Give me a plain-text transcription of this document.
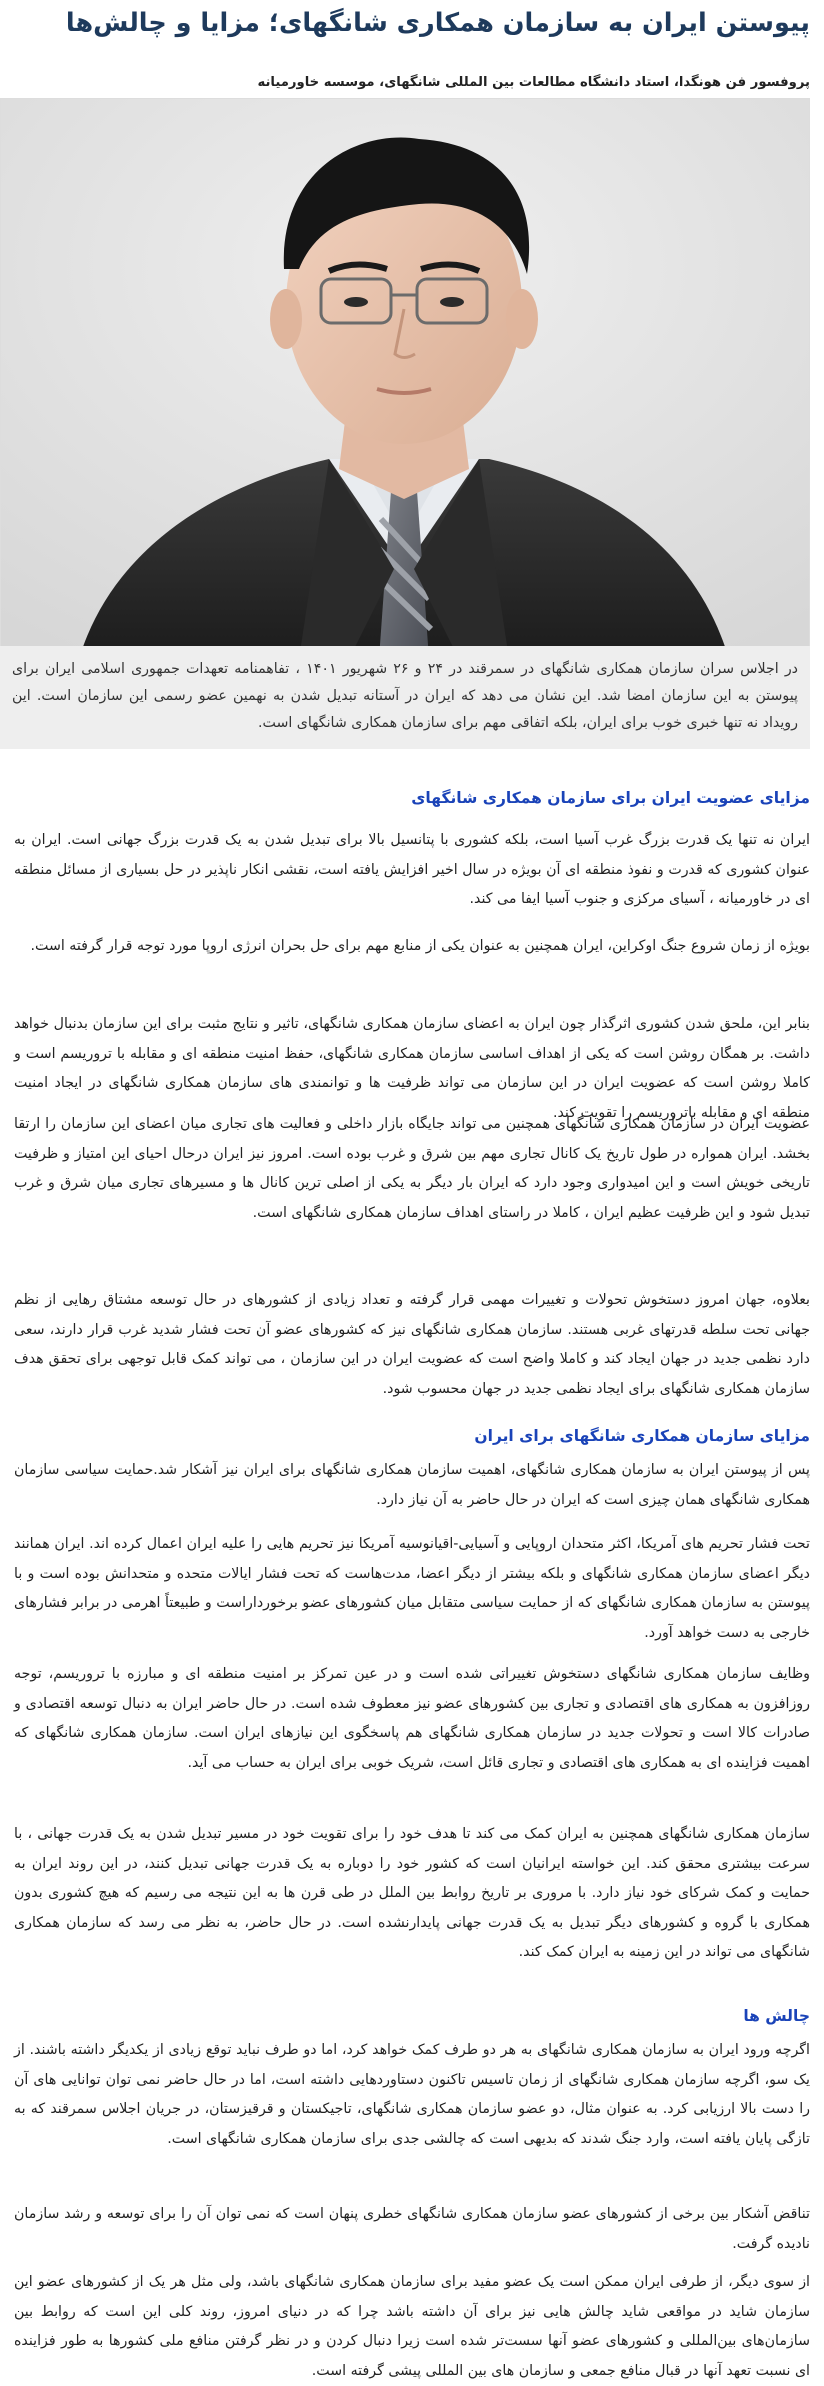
پیوستن ایران به سازمان همکاری شانگهای؛ مزایا و چالش‌ها
پروفسور فن هونگدا، استاد دانشگاه مطالعات بین المللی شانگهای، موسسه خاورمیانه
در اجلاس سران سازمان همکاری شانگهای در سمرقند در ۲۴ و ۲۶ شهریور ۱۴۰۱ ، تفاهمنامه تعهدات جمهوری اسلامی ایران برای پیوستن به این سازمان امضا شد. این نشان می دهد که ایران در آستانه تبدیل شدن به نهمین عضو رسمی این سازمان است. این رویداد نه تنها خبری خوب برای ایران، بلکه اتفاقی مهم برای سازمان همکاری شانگهای است.
مزایای عضویت ایران برای سازمان همکاری شانگهای

ایران نه تنها یک قدرت بزرگ غرب آسیا است، بلکه کشوری با پتانسیل بالا برای تبدیل شدن به یک قدرت بزرگ جهانی است. ایران به عنوان کشوری که قدرت و نفوذ منطقه ای آن بویژه در سال اخیر افزایش یافته است، نقشی انکار ناپذیر در حل بسیاری از مسائل منطقه ای در خاورمیانه ، آسیای مرکزی و جنوب آسیا ایفا می کند.

بویژه از زمان شروع جنگ اوکراین، ایران همچنین به عنوان یکی از منابع مهم برای حل بحران انرژی اروپا مورد توجه قرار گرفته است.

بنابر این، ملحق شدن کشوری اثرگذار چون ایران به اعضای سازمان همکاری شانگهای، تاثیر و نتایج مثبت برای این سازمان بدنبال خواهد داشت. بر همگان روشن است که یکی از اهداف اساسی سازمان همکاری شانگهای، حفظ امنیت منطقه ای و مقابله با تروریسم است و کاملا روشن است که عضویت ایران در این سازمان می تواند ظرفیت ها و توانمندی های سازمان همکاری شانگهای در ایجاد امنیت منطقه ای و مقابله باتروریسم را تقویت کند.

عضویت ایران در سازمان همکاری شانگهای همچنین می تواند جایگاه بازار داخلی و فعالیت های تجاری میان اعضای این سازمان را ارتقا بخشد. ایران همواره در طول تاریخ یک کانال تجاری مهم بین شرق و غرب بوده است. امروز نیز ایران درحال احیای این امتیاز و ظرفیت تاریخی خویش است و این امیدواری وجود دارد که ایران بار دیگر به یکی از اصلی ترین کانال ها و مسیرهای تجاری میان شرق و غرب تبدیل شود و این ظرفیت عظیم ایران ، کاملا در راستای اهداف سازمان همکاری شانگهای است.

بعلاوه، جهان امروز دستخوش تحولات و تغییرات مهمی قرار گرفته و تعداد زیادی از کشورهای در حال توسعه مشتاق رهایی از نظم جهانی تحت سلطه قدرتهای غربی هستند. سازمان همکاری شانگهای نیز که کشورهای عضو آن تحت فشار شدید غرب قرار دارند، سعی دارد نظمی جدید در جهان ایجاد کند و کاملا واضح است که عضویت ایران در این سازمان ، می تواند کمک قابل توجهی برای تحقق هدف سازمان همکاری شانگهای برای ایجاد نظمی جدید در جهان محسوب شود.

مزایای سازمان همکاری شانگهای برای ایران

پس از پیوستن ایران به سازمان همکاری شانگهای، اهمیت سازمان همکاری شانگهای برای ایران نیز آشکار شد.حمایت سیاسی سازمان همکاری شانگهای همان چیزی است که ایران در حال حاضر به آن نیاز دارد.

تحت فشار تحریم های آمریکا، اکثر متحدان اروپایی و آسیایی-اقیانوسیه آمریکا نیز تحریم هایی را علیه ایران اعمال کرده اند. ایران همانند دیگر اعضای سازمان همکاری شانگهای و بلکه بیشتر از دیگر اعضا، مدت‌هاست که تحت فشار ایالات متحده و متحدانش بوده است و با پیوستن به سازمان همکاری شانگهای که از حمایت سیاسی متقابل میان کشورهای عضو برخورداراست و طبیعتاً اهرمی در برابر فشارهای خارجی به دست خواهد آورد.

وظایف سازمان همکاری شانگهای دستخوش تغییراتی شده است و در عین تمرکز بر امنیت منطقه ای و مبارزه با تروریسم، توجه روزافزون به همکاری های اقتصادی و تجاری بین کشورهای عضو نیز معطوف شده است. در حال حاضر ایران به دنبال توسعه اقتصادی و صادرات کالا است و تحولات جدید در سازمان همکاری شانگهای هم پاسخگوی این نیازهای ایران است. سازمان همکاری شانگهای که اهمیت فزاینده ای به همکاری های اقتصادی و تجاری قائل است، شریک خوبی برای ایران به حساب می آید.

سازمان همکاری شانگهای همچنین به ایران کمک می کند تا هدف خود را برای تقویت خود در مسیر تبدیل شدن به یک قدرت جهانی ، با سرعت بیشتری محقق کند. این خواسته ایرانیان است که کشور خود را دوباره به یک قدرت جهانی تبدیل کنند، در این روند ایران به حمایت و کمک شرکای خود نیاز دارد. با مروری بر تاریخ روابط بین الملل در طی قرن ها به این نتیجه می رسیم که هیچ کشوری بدون همکاری با گروه و کشورهای دیگر تبدیل به یک قدرت جهانی پایدارنشده است. در حال حاضر، به نظر می رسد که سازمان همکاری شانگهای می تواند در این زمینه به ایران کمک کند.

چالش ها

اگرچه ورود ایران به سازمان همکاری شانگهای به هر دو طرف کمک خواهد کرد، اما دو طرف نباید توقع زیادی از یکدیگر داشته باشند. از یک سو، اگرچه سازمان همکاری شانگهای از زمان تاسیس تاکنون دستاوردهایی داشته است، اما در حال حاضر نمی توان توانایی های آن را دست بالا ارزیابی کرد. به عنوان مثال، دو عضو سازمان همکاری شانگهای، تاجیکستان و قرقیزستان، در جریان اجلاس سمرقند که به تازگی پایان یافته است، وارد جنگ شدند که بدیهی است که چالشی جدی برای سازمان همکاری شانگهای است.

تناقض آشکار بین برخی از کشورهای عضو سازمان همکاری شانگهای خطری پنهان است که نمی توان آن را برای توسعه و رشد سازمان نادیده گرفت.

از سوی دیگر، از طرفی ایران ممکن است یک عضو مفید برای سازمان همکاری شانگهای باشد، ولی مثل هر یک از کشورهای عضو این سازمان شاید در مواقعی شاید چالش هایی نیز برای آن داشته باشد چرا که در دنیای امروز، روند کلی این است که روابط بین سازمان‌های بین‌المللی و کشورهای عضو آنها سست‌تر شده است زیرا دنبال کردن و در نظر گرفتن منافع ملی کشورها به طور فزاینده ای نسبت تعهد آنها در قبال منافع جمعی و سازمان های بین المللی پیشی گرفته است.
